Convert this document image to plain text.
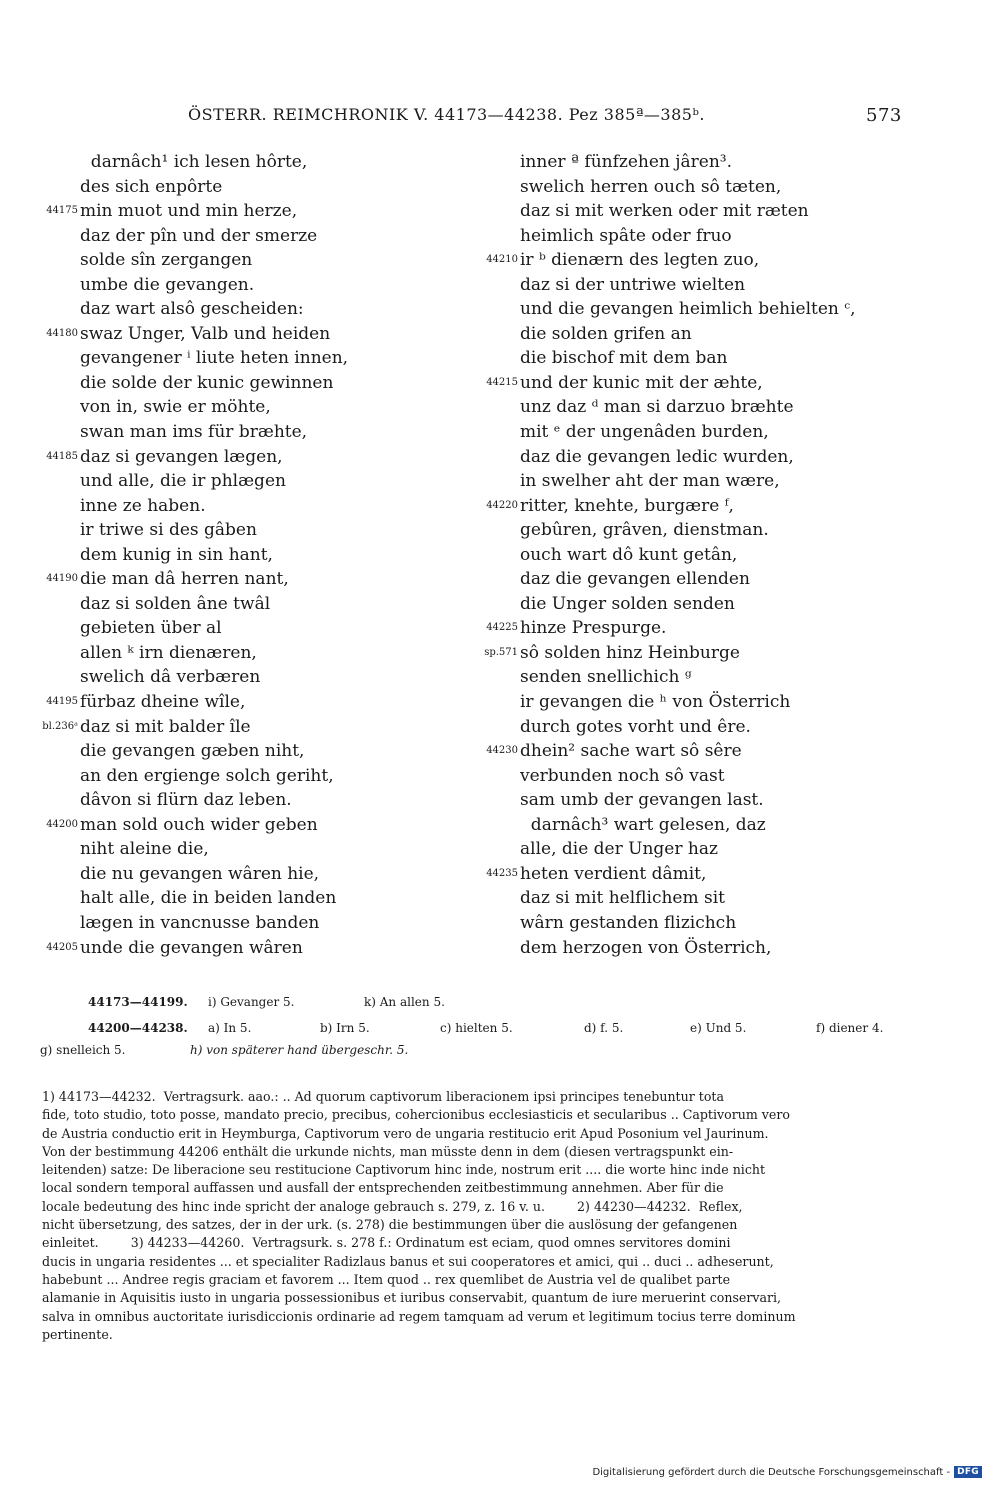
ÖSTERR. REIMCHRONIK V. 44173—44238. Pez 385ª—385ᵇ.	573
darnâch¹ ich lesen hôrte,
des sich enpôrte
44175 min muot und min herze,
daz der pîn und der smerze
solde sîn zergangen
umbe die gevangen.
daz wart alsô gescheiden:
44180 swaz Unger, Valb und heiden
gevangener ⁱ liute heten innen,
die solde der kunic gewinnen
von in, swie er möhte,
swan man ims für bræhte,
44185 daz si gevangen lægen,
und alle, die ir phlægen
inne ze haben.
ir triwe si des gâben
dem kunig in sin hant,
44190 die man dâ herren nant,
daz si solden âne twâl
gebieten über al
allen ᵏ irn dienæren,
swelich dâ verbæren
44195 fürbaz dheine wîle,
bl.236ᵃ daz si mit balder île
die gevangen gæben niht,
an den ergienge solch geriht,
dâvon si flürn daz leben.
44200 man sold ouch wider geben
niht aleine die,
die nu gevangen wâren hie,
halt alle, die in beiden landen
lægen in vancnusse banden
44205 unde die gevangen wâren
inner ª fünfzehen jâren³.
swelich herren ouch sô tæten,
daz si mit werken oder mit ræten
heimlich spâte oder fruo
44210 ir ᵇ dienærn des legten zuo,
daz si der untriwe wielten
und die gevangen heimlich behielten ᶜ,
die solden grifen an
die bischof mit dem ban
44215 und der kunic mit der æhte,
unz daz ᵈ man si darzuo bræhte
mit ᵉ der ungenâden burden,
daz die gevangen ledic wurden,
in swelher aht der man wære,
44220 ritter, knehte, burgære ᶠ,
gebûren, grâven, dienstman.
ouch wart dô kunt getân,
daz die gevangen ellenden
die Unger solden senden
44225 hinze Prespurge.
sp.571 sô solden hinz Heinburge
senden snellichich ᵍ
ir gevangen die ʰ von Österrich
durch gotes vorht und êre.
44230 dhein² sache wart sô sêre
verbunden noch sô vast
sam umb der gevangen last.
darnâch³ wart gelesen, daz
alle, die der Unger haz
44235 heten verdient dâmit,
daz si mit helflichem sit
wârn gestanden flizichch
dem herzogen von Österrich,
44173—44199. i) Gevanger 5.	k) An allen 5.
44200—44238. a) In 5.	b) Irn 5.	c) hielten 5.	d) f. 5.	e) Und 5.	f) diener 4.
g) snelleich 5.	h) von späterer hand übergeschr. 5.
1) 44173—44232.  Vertragsurk. aao.: .. Ad quorum captivorum liberacionem ipsi principes tenebuntur tota
fide, toto studio, toto posse, mandato precio, precibus, cohercionibus ecclesiasticis et secularibus .. Captivorum vero
de Austria conductio erit in Heymburga, Captivorum vero de ungaria restitucio erit Apud Posonium vel Jaurinum.
Von der bestimmung 44206 enthält die urkunde nichts, man müsste denn in dem (diesen vertragspunkt ein-
leitenden) satze: De liberacione seu restitucione Captivorum hinc inde, nostrum erit .... die worte hinc inde nicht
local sondern temporal auffassen und ausfall der entsprechenden zeitbestimmung annehmen. Aber für die
locale bedeutung des hinc inde spricht der analoge gebrauch s. 279, z. 16 v. u.        2) 44230—44232.  Reflex,
nicht übersetzung, des satzes, der in der urk. (s. 278) die bestimmungen über die auslösung der gefangenen
einleitet.        3) 44233—44260.  Vertragsurk. s. 278 f.: Ordinatum est eciam, quod omnes servitores domini
ducis in ungaria residentes ... et specialiter Radizlaus banus et sui cooperatores et amici, qui .. duci .. adheserunt,
habebunt ... Andree regis graciam et favorem ... Item quod .. rex quemlibet de Austria vel de qualibet parte
alamanie in Aquisitis iusto in ungaria possessionibus et iuribus conservabit, quantum de iure meruerint conservari,
salva in omnibus auctoritate iurisdiccionis ordinarie ad regem tamquam ad verum et legitimum tocius terre dominum
pertinente.
Digitalisierung gefördert durch die Deutsche Forschungsgemeinschaft - DFG
